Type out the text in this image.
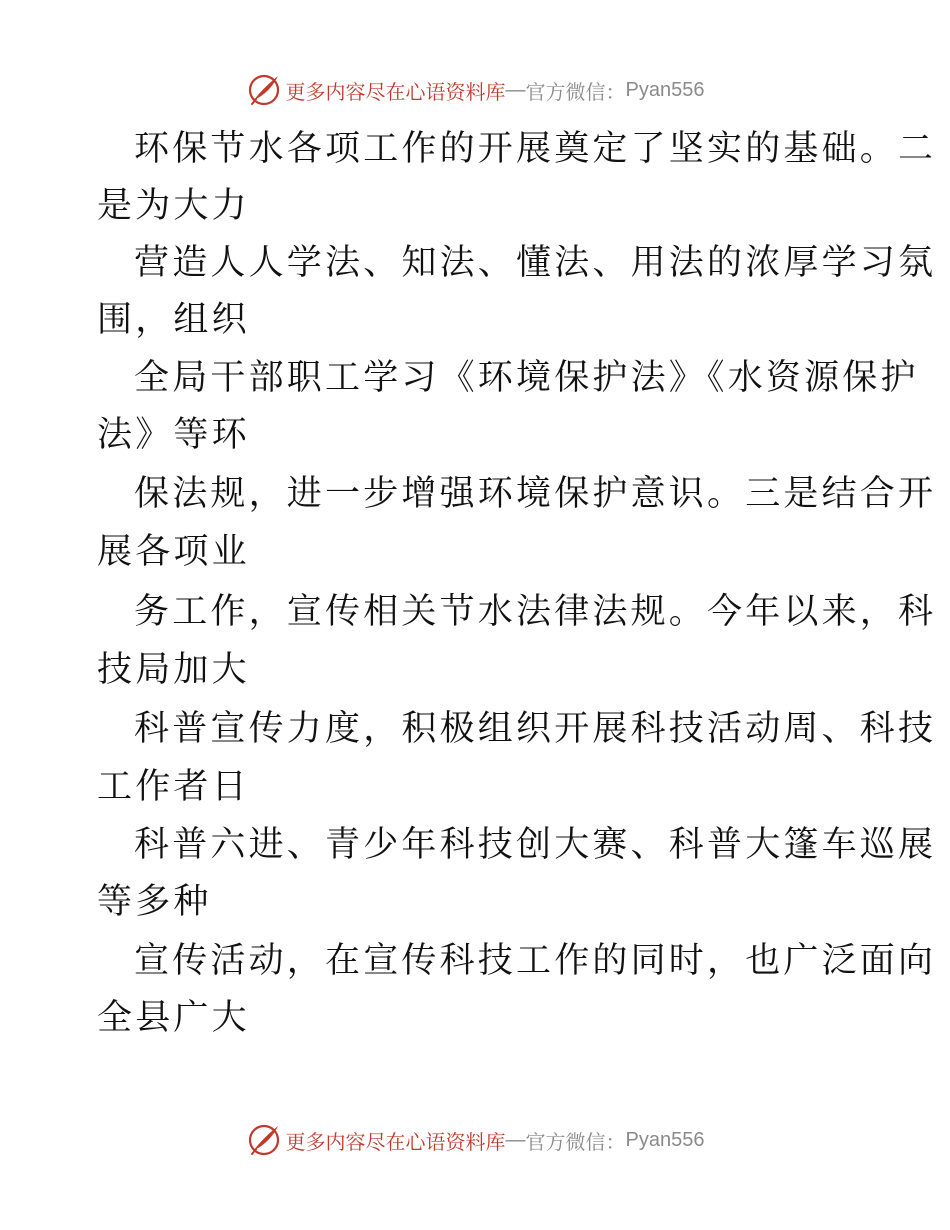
更多内容尽在心语资料库 — 官方微信： Pyan556
环保节水各项工作的开展奠定了坚实的基础。二
是为大力
营造人人学法、知法、懂法、用法的浓厚学习氛
围，组织
全局干部职工学习《环境保护法》《水资源保护
法》等环
保法规，进一步增强环境保护意识。三是结合开
展各项业
务工作，宣传相关节水法律法规。今年以来，科
技局加大
科普宣传力度，积极组织开展科技活动周、科技
工作者日
科普六进、青少年科技创大赛、科普大篷车巡展
等多种
宣传活动，在宣传科技工作的同时，也广泛面向
全县广大
更多内容尽在心语资料库 — 官方微信： Pyan556
